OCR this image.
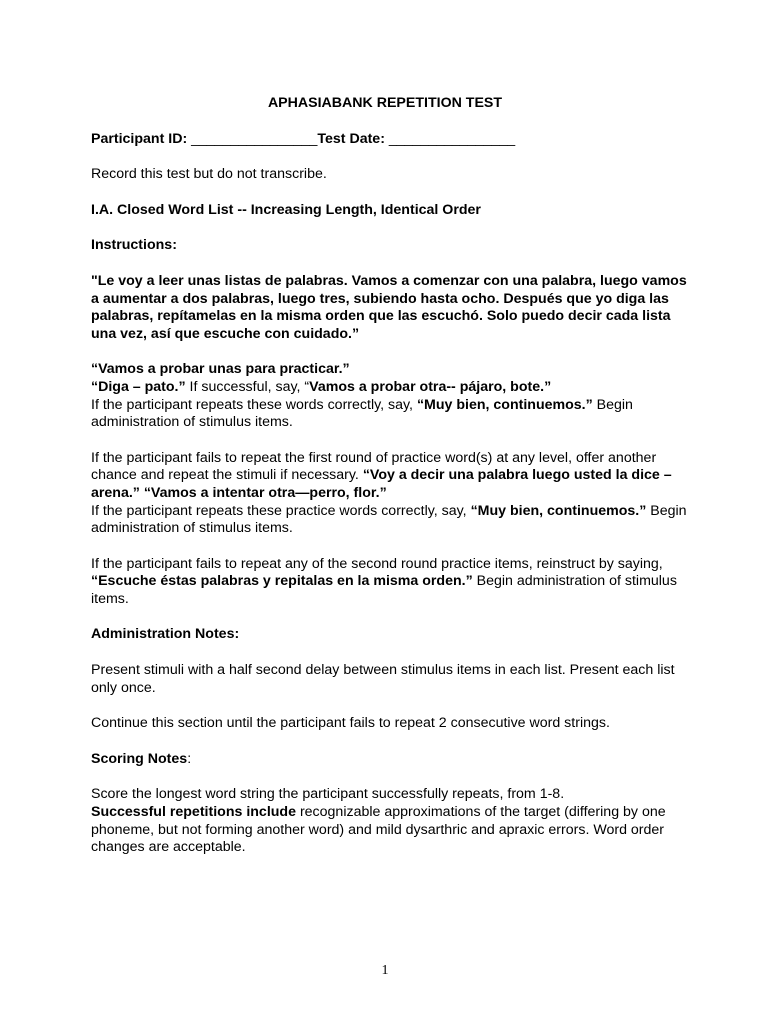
APHASIABANK REPETITION TEST

Participant ID: ________________Test Date: ________________

Record this test but do not transcribe.

I.A. Closed Word List -- Increasing Length, Identical Order

Instructions:

"Le voy a leer unas listas de palabras. Vamos a comenzar con una palabra, luego vamos a aumentar a dos palabras, luego tres, subiendo hasta ocho. Después que yo diga las palabras, repítamelas en la misma orden que las escuchó. Solo puedo decir cada lista una vez, así que escuche con cuidado.”

“Vamos a probar unas para practicar.”
“Diga – pato.” If successful, say, “Vamos a probar otra-- pájaro, bote.”
If the participant repeats these words correctly, say, “Muy bien, continuemos.” Begin administration of stimulus items.

If the participant fails to repeat the first round of practice word(s) at any level, offer another chance and repeat the stimuli if necessary. “Voy a decir una palabra luego usted la dice – arena.” “Vamos a intentar otra—perro, flor.”
If the participant repeats these practice words correctly, say, “Muy bien, continuemos.” Begin administration of stimulus items.

If the participant fails to repeat any of the second round practice items, reinstruct by saying, “Escuche éstas palabras y repitalas en la misma orden.” Begin administration of stimulus items.

Administration Notes:

Present stimuli with a half second delay between stimulus items in each list. Present each list only once.

Continue this section until the participant fails to repeat 2 consecutive word strings.

Scoring Notes:

Score the longest word string the participant successfully repeats, from 1-8.
Successful repetitions include recognizable approximations of the target (differing by one phoneme, but not forming another word) and mild dysarthric and apraxic errors. Word order changes are acceptable.

1
